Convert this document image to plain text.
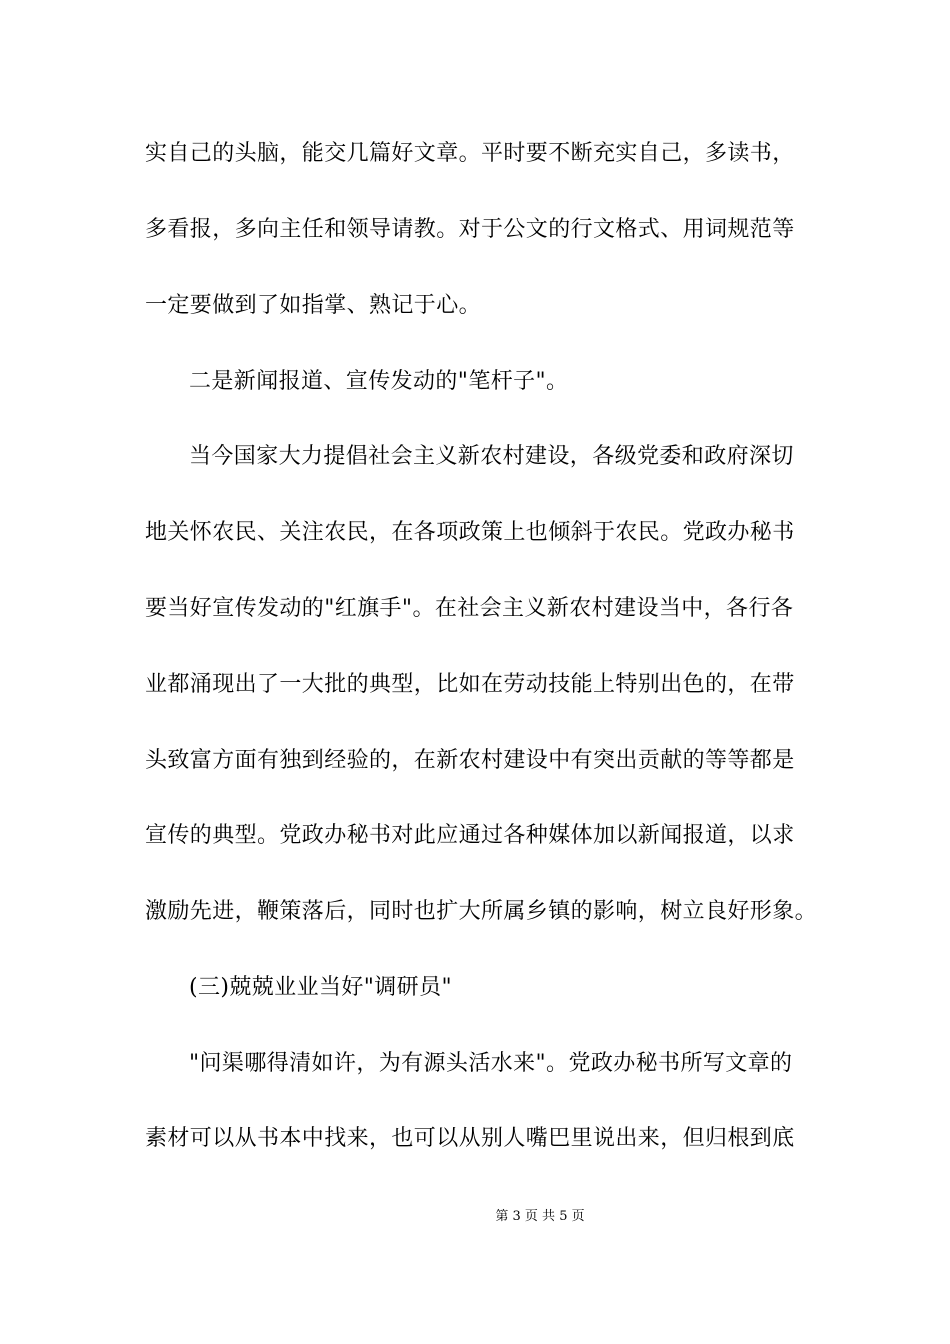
实自己的头脑，能交几篇好文章。平时要不断充实自己，多读书，
多看报，多向主任和领导请教。对于公文的行文格式、用词规范等
一定要做到了如指掌、熟记于心。
二是新闻报道、宣传发动的"笔杆子"。
当今国家大力提倡社会主义新农村建设，各级党委和政府深切
地关怀农民、关注农民，在各项政策上也倾斜于农民。党政办秘书
要当好宣传发动的"红旗手"。在社会主义新农村建设当中，各行各
业都涌现出了一大批的典型，比如在劳动技能上特别出色的，在带
头致富方面有独到经验的，在新农村建设中有突出贡献的等等都是
宣传的典型。党政办秘书对此应通过各种媒体加以新闻报道，以求
激励先进，鞭策落后，同时也扩大所属乡镇的影响，树立良好形象。
(三)兢兢业业当好"调研员"
"问渠哪得清如许，为有源头活水来"。党政办秘书所写文章的
素材可以从书本中找来，也可以从别人嘴巴里说出来，但归根到底
第 3 页 共 5 页
